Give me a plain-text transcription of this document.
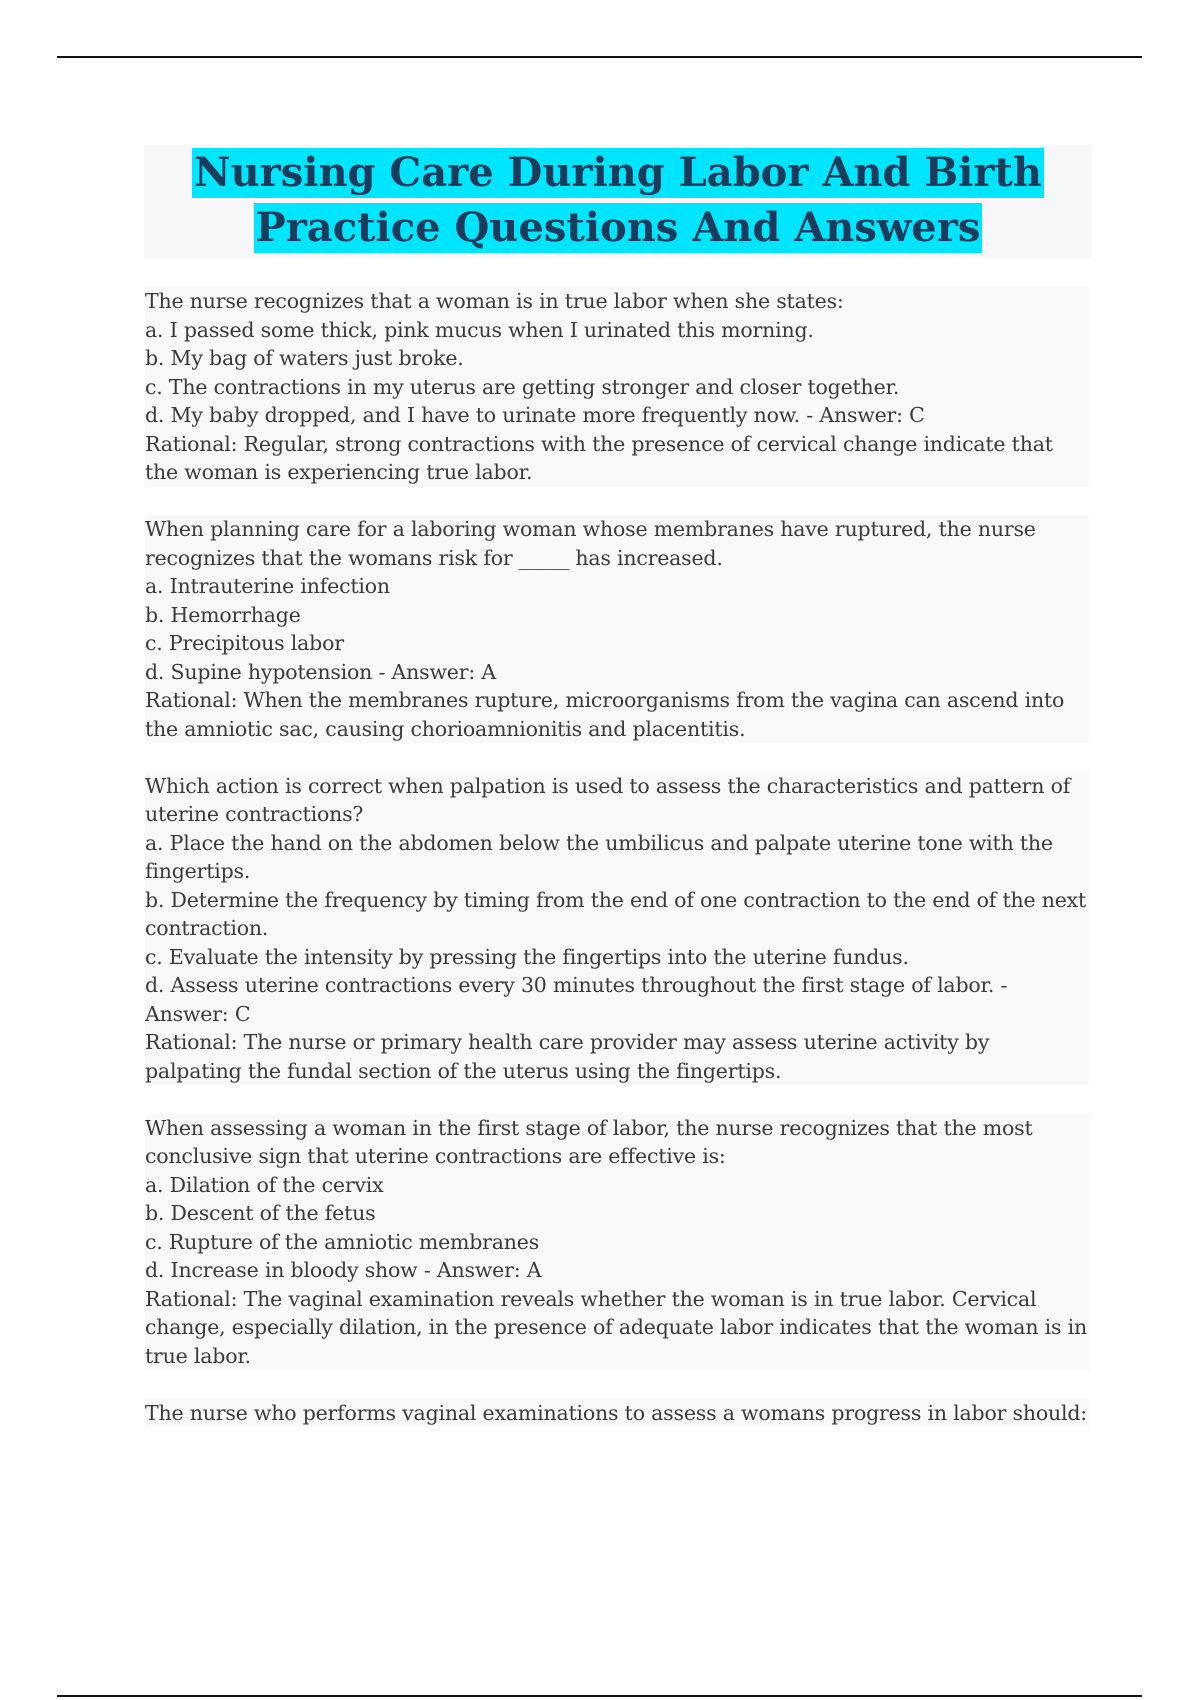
Nursing Care During Labor And Birth
Practice Questions And Answers
The nurse recognizes that a woman is in true labor when she states:
a. I passed some thick, pink mucus when I urinated this morning.
b. My bag of waters just broke.
c. The contractions in my uterus are getting stronger and closer together.
d. My baby dropped, and I have to urinate more frequently now. - Answer: C
Rational: Regular, strong contractions with the presence of cervical change indicate that the woman is experiencing true labor.
When planning care for a laboring woman whose membranes have ruptured, the nurse recognizes that the womans risk for _____ has increased.
a. Intrauterine infection
b. Hemorrhage
c. Precipitous labor
d. Supine hypotension - Answer: A
Rational: When the membranes rupture, microorganisms from the vagina can ascend into the amniotic sac, causing chorioamnionitis and placentitis.
Which action is correct when palpation is used to assess the characteristics and pattern of uterine contractions?
a. Place the hand on the abdomen below the umbilicus and palpate uterine tone with the fingertips.
b. Determine the frequency by timing from the end of one contraction to the end of the next contraction.
c. Evaluate the intensity by pressing the fingertips into the uterine fundus.
d. Assess uterine contractions every 30 minutes throughout the first stage of labor. - Answer: C
Rational: The nurse or primary health care provider may assess uterine activity by palpating the fundal section of the uterus using the fingertips.
When assessing a woman in the first stage of labor, the nurse recognizes that the most conclusive sign that uterine contractions are effective is:
a. Dilation of the cervix
b. Descent of the fetus
c. Rupture of the amniotic membranes
d. Increase in bloody show - Answer: A
Rational: The vaginal examination reveals whether the woman is in true labor. Cervical change, especially dilation, in the presence of adequate labor indicates that the woman is in true labor.
The nurse who performs vaginal examinations to assess a womans progress in labor should:
